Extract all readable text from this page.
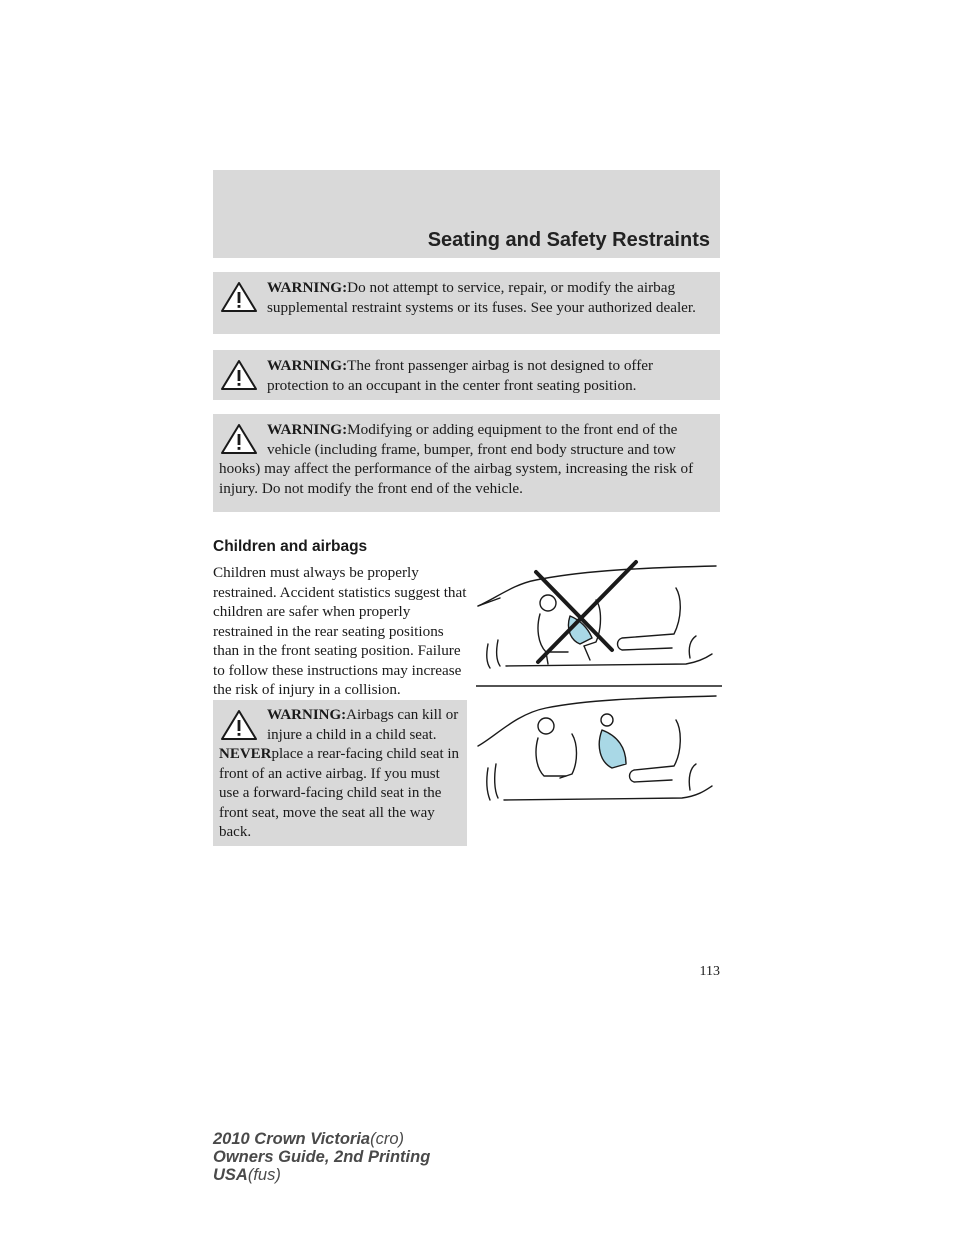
Seating and Safety Restraints
WARNING:Do not attempt to service, repair, or modify the airbag supplemental restraint systems or its fuses. See your authorized dealer.
WARNING:The front passenger airbag is not designed to offer protection to an occupant in the center front seating position.
WARNING:Modifying or adding equipment to the front end of the vehicle (including frame, bumper, front end body structure and tow hooks) may affect the performance of the airbag system, increasing the risk of injury. Do not modify the front end of the vehicle.
Children and airbags

Children must always be properly restrained. Accident statistics suggest that children are safer when properly restrained in the rear seating positions than in the front seating position. Failure to follow these instructions may increase the risk of injury in a collision.

WARNING:Airbags can kill or injure a child in a child seat. NEVERplace a rear-facing child seat in front of an active airbag. If you must use a forward-facing child seat in the front seat, move the seat all the way back.
113
2010 Crown Victoria(cro)
Owners Guide, 2nd Printing
USA(fus)
